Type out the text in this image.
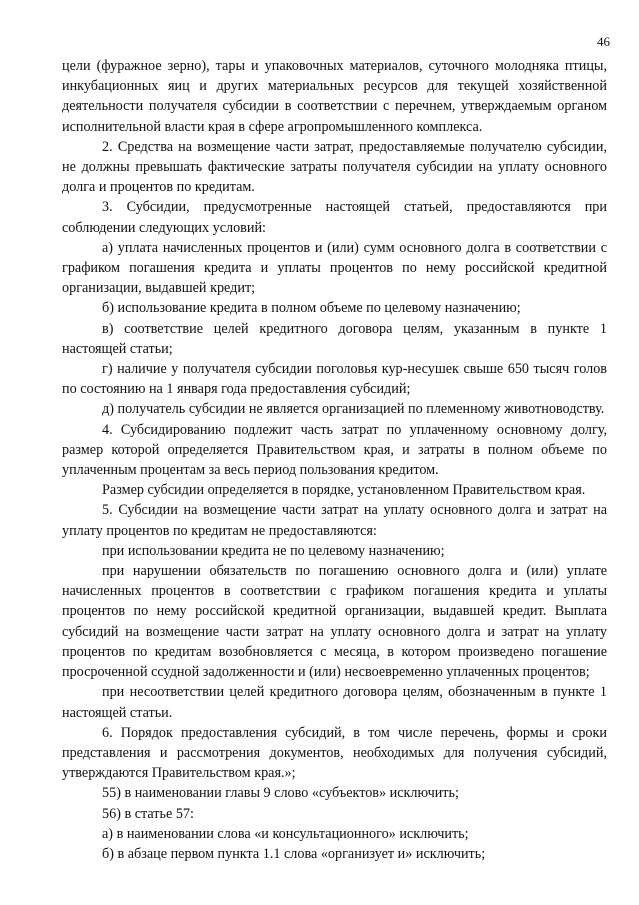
46

цели (фуражное зерно), тары и упаковочных материалов, суточного молодняка птицы, инкубационных яиц и других материальных ресурсов для текущей хозяйственной деятельности получателя субсидии в соответствии с перечнем, утверждаемым органом исполнительной власти края в сфере агропромышленного комплекса.

2. Средства на возмещение части затрат, предоставляемые получателю субсидии, не должны превышать фактические затраты получателя субсидии на уплату основного долга и процентов по кредитам.

3. Субсидии, предусмотренные настоящей статьей, предоставляются при соблюдении следующих условий:

а) уплата начисленных процентов и (или) сумм основного долга в соответствии с графиком погашения кредита и уплаты процентов по нему российской кредитной организации, выдавшей кредит;

б) использование кредита в полном объеме по целевому назначению;

в) соответствие целей кредитного договора целям, указанным в пункте 1 настоящей статьи;

г) наличие у получателя субсидии поголовья кур-несушек свыше 650 тысяч голов по состоянию на 1 января года предоставления субсидий;

д) получатель субсидии не является организацией по племенному животноводству.

4. Субсидированию подлежит часть затрат по уплаченному основному долгу, размер которой определяется Правительством края, и затраты в полном объеме по уплаченным процентам за весь период пользования кредитом.

Размер субсидии определяется в порядке, установленном Правительством края.

5. Субсидии на возмещение части затрат на уплату основного долга и затрат на уплату процентов по кредитам не предоставляются:

при использовании кредита не по целевому назначению;

при нарушении обязательств по погашению основного долга и (или) уплате начисленных процентов в соответствии с графиком погашения кредита и уплаты процентов по нему российской кредитной организации, выдавшей кредит. Выплата субсидий на возмещение части затрат на уплату основного долга и затрат на уплату процентов по кредитам возобновляется с месяца, в котором произведено погашение просроченной ссудной задолженности и (или) несвоевременно уплаченных процентов;

при несоответствии целей кредитного договора целям, обозначенным в пункте 1 настоящей статьи.

6. Порядок предоставления субсидий, в том числе перечень, формы и сроки представления и рассмотрения документов, необходимых для получения субсидий, утверждаются Правительством края.»;

55) в наименовании главы 9 слово «субъектов» исключить;

56) в статье 57:

а) в наименовании слова «и консультационного» исключить;

б) в абзаце первом пункта 1.1 слова «организует и» исключить;
